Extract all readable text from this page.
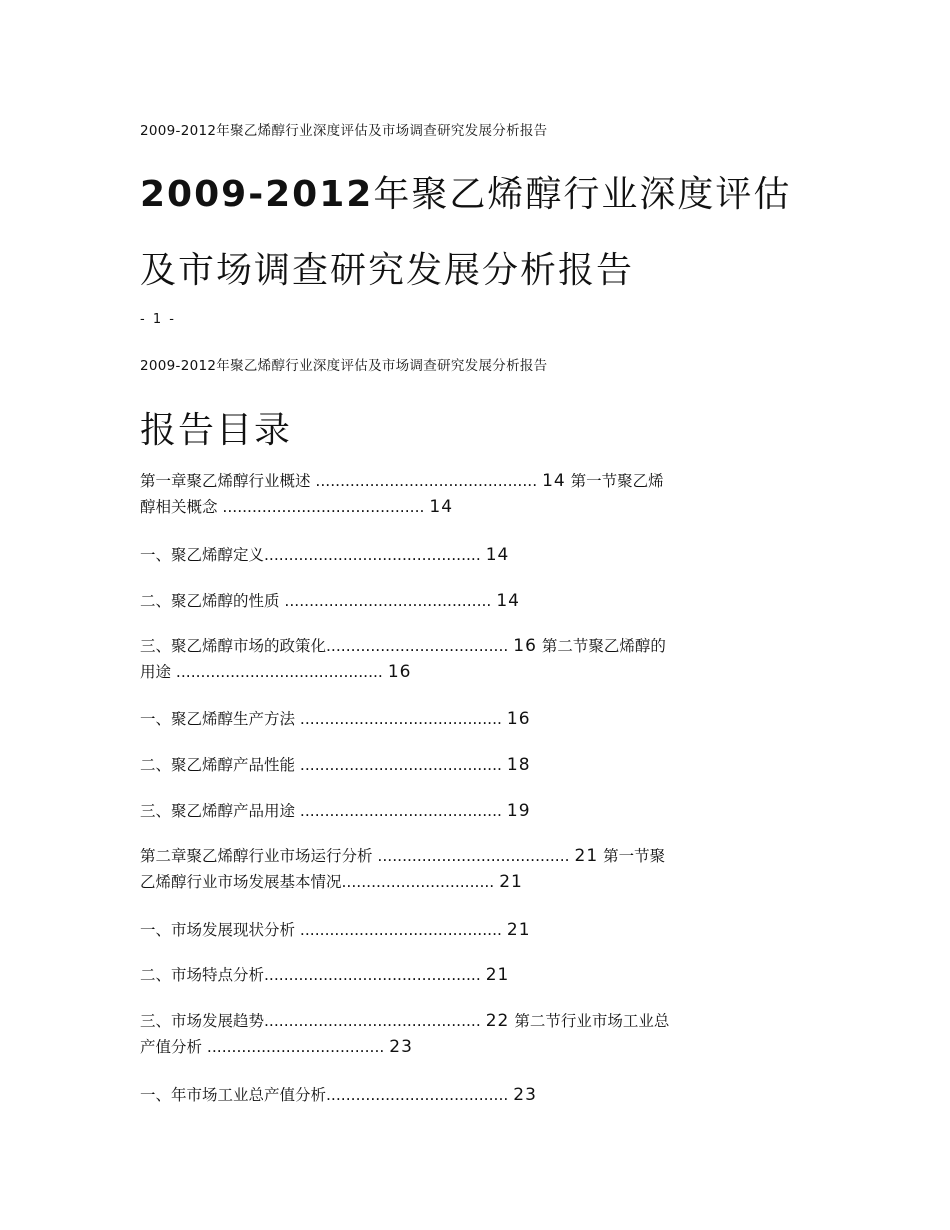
2009-2012年聚乙烯醇行业深度评估及市场调查研究发展分析报告
2009-2012年聚乙烯醇行业深度评估
及市场调查研究发展分析报告
- 1 -
2009-2012年聚乙烯醇行业深度评估及市场调查研究发展分析报告
报告目录
第一章聚乙烯醇行业概述 ............................................. 14 第一节聚乙烯
醇相关概念 ......................................... 14
一、聚乙烯醇定义............................................ 14
二、聚乙烯醇的性质 .......................................... 14
三、聚乙烯醇市场的政策化..................................... 16 第二节聚乙烯醇的
用途 .......................................... 16
一、聚乙烯醇生产方法 ......................................... 16
二、聚乙烯醇产品性能 ......................................... 18
三、聚乙烯醇产品用途 ......................................... 19
第二章聚乙烯醇行业市场运行分析 ....................................... 21 第一节聚
乙烯醇行业市场发展基本情况............................... 21
一、市场发展现状分析 ......................................... 21
二、市场特点分析............................................ 21
三、市场发展趋势............................................ 22 第二节行业市场工业总
产值分析 .................................... 23
一、年市场工业总产值分析..................................... 23
